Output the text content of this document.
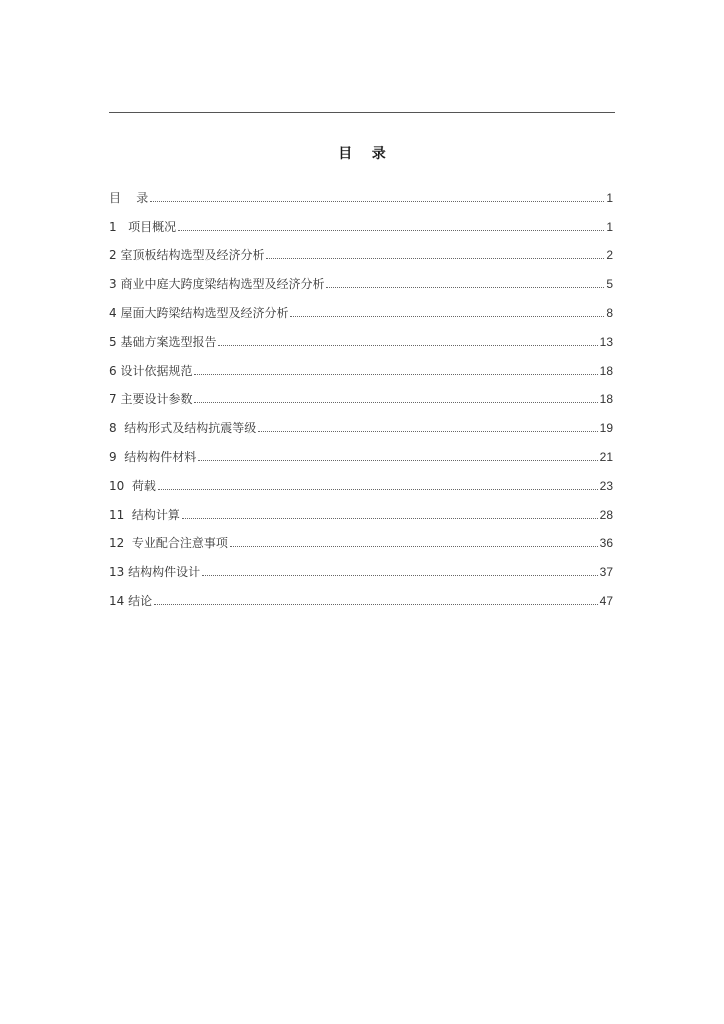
目    录
目    录	1
1   项目概况	1
2 室顶板结构选型及经济分析	2
3 商业中庭大跨度梁结构选型及经济分析	5
4 屋面大跨梁结构选型及经济分析	8
5 基础方案选型报告	13
6 设计依据规范	18
7 主要设计参数	18
8  结构形式及结构抗震等级	19
9  结构构件材料	21
10  荷载	23
11  结构计算	28
12  专业配合注意事项	36
13 结构构件设计	37
14 结论	47
